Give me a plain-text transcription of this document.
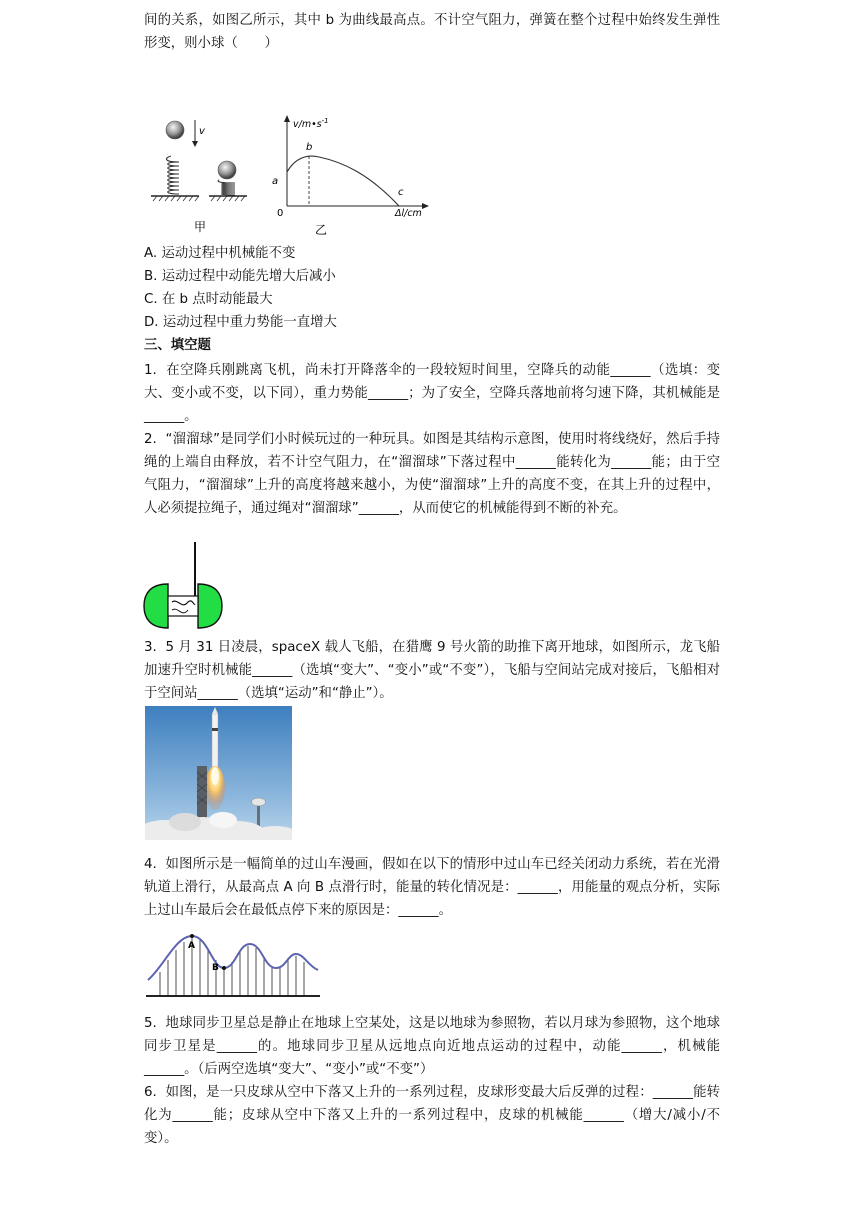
间的关系，如图乙所示，其中 b 为曲线最高点。不计空气阻力，弹簧在整个过程中始终发生弹性形变，则小球（　　）
v
甲
$v/m•s^{-1}$
Δl/cm
0
a
b
c
乙
A. 运动过程中机械能不变
B. 运动过程中动能先增大后减小
C. 在 b 点时动能最大
D. 运动过程中重力势能一直增大
三、填空题
1.  在空降兵刚跳离飞机，尚未打开降落伞的一段较短时间里，空降兵的动能______（选填：变大、变小或不变，以下同），重力势能______；为了安全，空降兵落地前将匀速下降，其机械能是______。
2.  “溜溜球”是同学们小时候玩过的一种玩具。如图是其结构示意图，使用时将线绕好，然后手持绳的上端自由释放，若不计空气阻力，在“溜溜球”下落过程中______能转化为______能；由于空气阻力，“溜溜球”上升的高度将越来越小，为使“溜溜球”上升的高度不变，在其上升的过程中，人必须提拉绳子，通过绳对“溜溜球”______，从而使它的机械能得到不断的补充。
3.  5 月 31 日凌晨，spaceX 载人飞船，在猎鹰 9 号火箭的助推下离开地球，如图所示，龙飞船加速升空时机械能______（选填“变大”、“变小”或“不变”），飞船与空间站完成对接后，飞船相对于空间站______（选填“运动”和“静止”）。
4.  如图所示是一幅简单的过山车漫画，假如在以下的情形中过山车已经关闭动力系统，若在光滑轨道上滑行，从最高点 A 向 B 点滑行时，能量的转化情况是：______，用能量的观点分析，实际上过山车最后会在最低点停下来的原因是：______。
A
B
5.  地球同步卫星总是静止在地球上空某处，这是以地球为参照物，若以月球为参照物，这个地球同步卫星是______的。地球同步卫星从远地点向近地点运动的过程中，动能______，机械能______。（后两空选填“变大”、“变小”或“不变”）
6.  如图，是一只皮球从空中下落又上升的一系列过程，皮球形变最大后反弹的过程：______能转化为______能；皮球从空中下落又上升的一系列过程中，皮球的机械能______（增大/减小/不变）。
